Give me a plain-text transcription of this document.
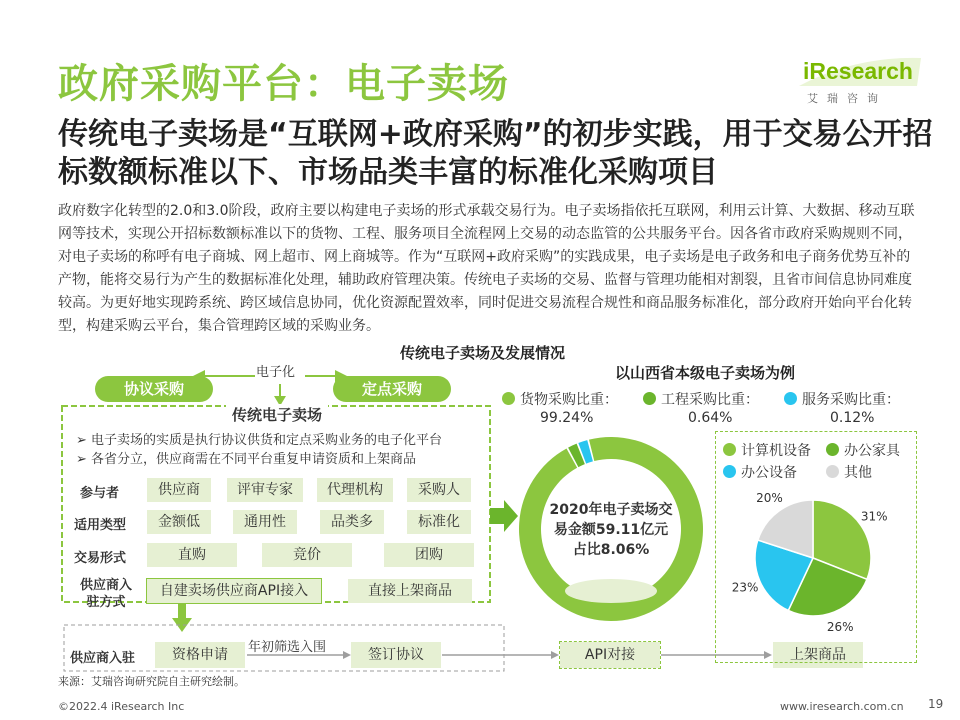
政府采购平台：电子卖场	iResearch
艾瑞咨询
传统电子卖场是“互联网+政府采购”的初步实践，用于交易公开招标数额标准以下、市场品类丰富的标准化采购项目
政府数字化转型的2.0和3.0阶段，政府主要以构建电子卖场的形式承载交易行为。电子卖场指依托互联网，利用云计算、大数据、移动互联网等技术，实现公开招标数额标准以下的货物、工程、服务项目全流程网上交易的动态监管的公共服务平台。因各省市政府采购规则不同，对电子卖场的称呼有电子商城、网上超市、网上商城等。作为“互联网+政府采购”的实践成果，电子卖场是电子政务和电子商务优势互补的产物，能将交易行为产生的数据标准化处理，辅助政府管理决策。传统电子卖场的交易、监督与管理功能相对割裂，且省市间信息协同难度较高。为更好地实现跨系统、跨区域信息协同，优化资源配置效率，同时促进交易流程合规性和商品服务标准化，部分政府开始向平台化转型，构建采购云平台，集合管理跨区域的采购业务。
传统电子卖场及发展情况
协议采购	定点采购
电子化
传统电子卖场
➢ 电子卖场的实质是执行协议供货和定点采购业务的电子化平台
➢ 各省分立，供应商需在不同平台重复申请资质和上架商品
参与者
适用类型
交易形式
供应商入驻方式
供应商	评审专家	代理机构	采购人
金额低	通用性	品类多	标准化
直购	竞价	团购
自建卖场供应商API接入	直接上架商品
供应商入驻	资格申请	年初筛选入围	签订协议	API对接	上架商品
以山西省本级电子卖场为例
货物采购比重：
99.24%
工程采购比重：
0.64%
服务采购比重：
0.12%
2020年电子卖场交
易金额59.11亿元
占比8.06%
计算机设备	办公家具
办公设备	其他
31%
26%
23%
20%
来源：艾瑞咨询研究院自主研究绘制。
©2022.4 iResearch Inc	www.iresearch.com.cn 19
